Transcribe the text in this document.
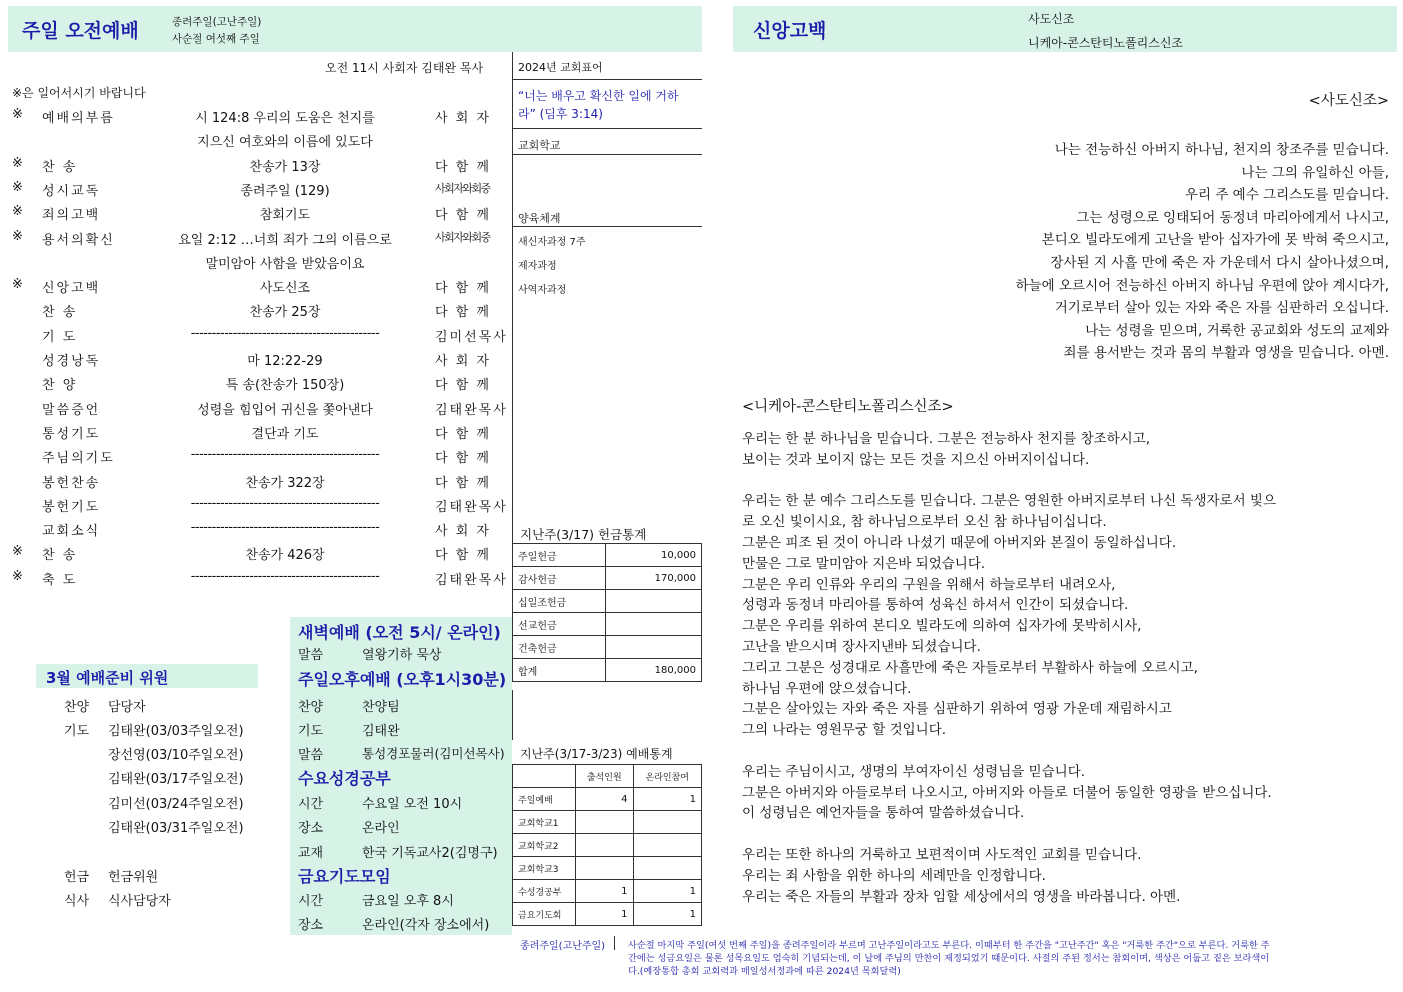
주일 오전예배	종려주일(고난주일)
사순절 여섯째 주일
오전 11시 사회자 김태완 목사
※은 일어서시기 바랍니다
※	예배의부름	시 124:8 우리의 도움은 천지를	사 회 자
지으신 여호와의 이름에 있도다
※	찬 송	찬송가 13장	다 함 께
※	성시교독	종려주일 (129)	사회자와회중
※	죄의고백	참회기도	다 함 께
※	용서의확신	요일 2:12 …너희 죄가 그의 이름으로	사회자와회중
말미암아 사함을 받았음이요
※	신앙고백	사도신조	다 함 께
찬 송	찬송가 25장	다 함 께
기 도	---------------------------------------------	김미선목사
성경낭독	마 12:22-29	사 회 자
찬 양	특 송(찬송가 150장)	다 함 께
말씀증언	성령을 힘입어 귀신을 쫓아낸다	김태완목사
통성기도	결단과 기도	다 함 께
주님의기도	---------------------------------------------	다 함 께
봉헌찬송	찬송가 322장	다 함 께
봉헌기도	---------------------------------------------	김태완목사
교회소식	---------------------------------------------	사 회 자
※	찬 송	찬송가 426장	다 함 께
※	축 도	---------------------------------------------	김태완목사
2024년 교회표어
“너는 배우고 확신한 일에 거하
라” (딤후 3:14)
교회학교
양육체계
새신자과정 7주
제자과정
사역자과정
지난주(3/17) 헌금통계
주일헌금	10,000
감사헌금	170,000
십일조헌금	
선교헌금	
건축헌금	
합계	180,000
지난주(3/17-3/23) 예배통계
	출석인원	온라인참여
주일예배	4	1
교회학교1		
교회학교2		
교회학교3		
수성경공부	1	1
금요기도회	1	1
3월 예배준비 위원
찬양 담당자
기도 김태완(03/03주일오전)
장선영(03/10주일오전)
김태완(03/17주일오전)
김미선(03/24주일오전)
김태완(03/31주일오전)
헌금 헌금위원
식사 식사담당자
새벽예배 (오전 5시/ 온라인)
말씀	열왕기하 묵상
주일오후예배 (오후1시30분)
찬양	찬양팀
기도	김태완
말씀	통성경포물러(김미선목사)
수요성경공부
시간	수요일 오전 10시
장소	온라인
교재	한국 기독교사2(김명구)
금요기도모임
시간	금요일 오후 8시
장소	온라인(각자 장소에서)
종려주일(고난주일) 사순절 마지막 주일(여섯 번째 주일)을 종려주일이라 부르며 고난주일이라고도 부른다. 이때부터 한 주간을 "고난주간" 혹은 "거룩한 주간"으로 부른다. 거룩한 주
간에는 성금요일은 물론 성목요일도 엄숙히 기념되는데, 이 날에 주님의 만찬이 제정되었기 때문이다. 사절의 주된 정서는 참회이며, 색상은 어둡고 짙은 보라색이
다.(예장통합 총회 교회력과 매일성서정과에 따른 2024년 목회달력)
신앙고백
사도신조
니케아-콘스탄티노폴리스신조
<사도신조>
나는 전능하신 아버지 하나님, 천지의 창조주를 믿습니다.
나는 그의 유일하신 아들,
우리 주 예수 그리스도를 믿습니다.
그는 성령으로 잉태되어 동정녀 마리아에게서 나시고,
본디오 빌라도에게 고난을 받아 십자가에 못 박혀 죽으시고,
장사된 지 사흘 만에 죽은 자 가운데서 다시 살아나셨으며,
하늘에 오르시어 전능하신 아버지 하나님 우편에 앉아 계시다가,
거기로부터 살아 있는 자와 죽은 자를 심판하러 오십니다.
나는 성령을 믿으며, 거룩한 공교회와 성도의 교제와
죄를 용서받는 것과 몸의 부활과 영생을 믿습니다. 아멘.
<니케아-콘스탄티노폴리스신조>
우리는 한 분 하나님을 믿습니다. 그분은 전능하사 천지를 창조하시고,
보이는 것과 보이지 않는 모든 것을 지으신 아버지이십니다.
우리는 한 분 예수 그리스도를 믿습니다. 그분은 영원한 아버지로부터 나신 독생자로서 빛으
로 오신 빛이시요, 참 하나님으로부터 오신 참 하나님이십니다.
그분은 피조 된 것이 아니라 나셨기 때문에 아버지와 본질이 동일하십니다.
만물은 그로 말미암아 지은바 되었습니다.
그분은 우리 인류와 우리의 구원을 위해서 하늘로부터 내려오사,
성령과 동정녀 마리아를 통하여 성육신 하셔서 인간이 되셨습니다.
그분은 우리를 위하여 본디오 빌라도에 의하여 십자가에 못박히시사,
고난을 받으시며 장사지낸바 되셨습니다.
그리고 그분은 성경대로 사흘만에 죽은 자들로부터 부활하사 하늘에 오르시고,
하나님 우편에 앉으셨습니다.
그분은 살아있는 자와 죽은 자를 심판하기 위하여 영광 가운데 재림하시고
그의 나라는 영원무궁 할 것입니다.
우리는 주님이시고, 생명의 부여자이신 성령님을 믿습니다.
그분은 아버지와 아들로부터 나오시고, 아버지와 아들로 더불어 동일한 영광을 받으십니다.
이 성령님은 예언자들을 통하여 말씀하셨습니다.
우리는 또한 하나의 거룩하고 보편적이며 사도적인 교회를 믿습니다.
우리는 죄 사함을 위한 하나의 세례만을 인정합니다.
우리는 죽은 자들의 부활과 장차 임할 세상에서의 영생을 바라봅니다. 아멘.
